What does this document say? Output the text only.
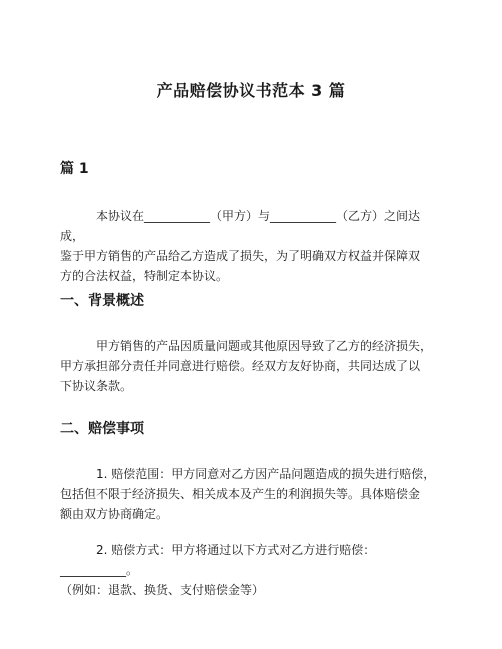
产品赔偿协议书范本 3 篇
篇 1

本协议在___________（甲方）与___________（乙方）之间达成，
鉴于甲方销售的产品给乙方造成了损失，为了明确双方权益并保障双
方的合法权益，特制定本协议。

一、背景概述

甲方销售的产品因质量问题或其他原因导致了乙方的经济损失，
甲方承担部分责任并同意进行赔偿。经双方友好协商，共同达成了以
下协议条款。

二、赔偿事项

1. 赔偿范围：甲方同意对乙方因产品问题造成的损失进行赔偿，
包括但不限于经济损失、相关成本及产生的利润损失等。具体赔偿金
额由双方协商确定。

2. 赔偿方式：甲方将通过以下方式对乙方进行赔偿：___________。
（例如：退款、换货、支付赔偿金等）
